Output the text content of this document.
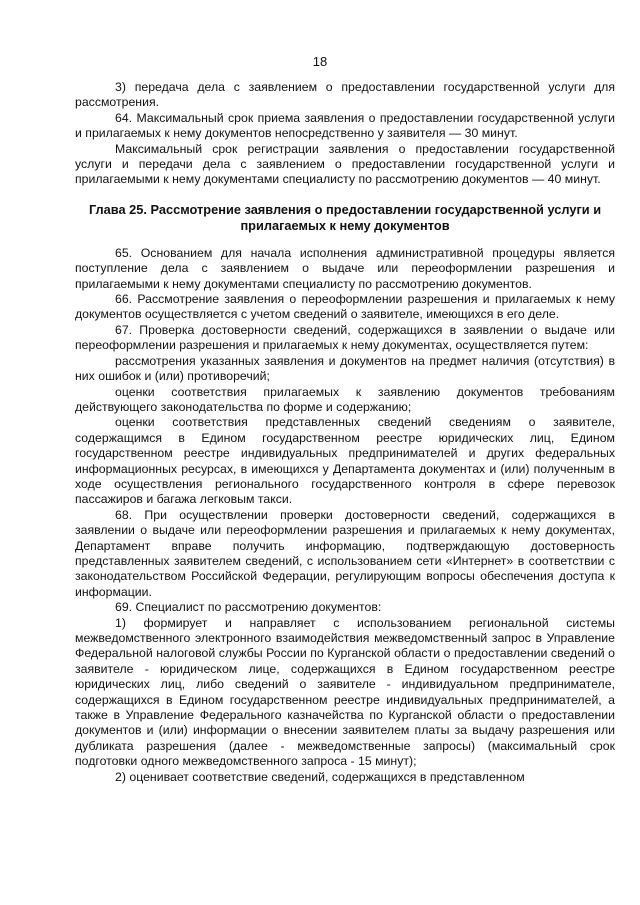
18

3) передача дела с заявлением о предоставлении государственной услуги для рассмотрения.

64. Максимальный срок приема заявления о предоставлении государственной услуги и прилагаемых к нему документов непосредственно у заявителя — 30 минут.

Максимальный срок регистрации заявления о предоставлении государственной услуги и передачи дела с заявлением о предоставлении государственной услуги и прилагаемыми к нему документами специалисту по рассмотрению документов — 40 минут.

Глава 25. Рассмотрение заявления о предоставлении государственной услуги и прилагаемых к нему документов

65. Основанием для начала исполнения административной процедуры является поступление дела с заявлением о выдаче или переоформлении разрешения и прилагаемыми к нему документами специалисту по рассмотрению документов.

66. Рассмотрение заявления о переоформлении разрешения и прилагаемых к нему документов осуществляется с учетом сведений о заявителе, имеющихся в его деле.

67. Проверка достоверности сведений, содержащихся в заявлении о выдаче или переоформлении разрешения и прилагаемых к нему документах, осуществляется путем:

рассмотрения указанных заявления и документов на предмет наличия (отсутствия) в них ошибок и (или) противоречий;

оценки соответствия прилагаемых к заявлению документов требованиям действующего законодательства по форме и содержанию;

оценки соответствия представленных сведений сведениям о заявителе, содержащимся в Едином государственном реестре юридических лиц, Едином государственном реестре индивидуальных предпринимателей и других федеральных информационных ресурсах, в имеющихся у Департамента документах и (или) полученным в ходе осуществления регионального государственного контроля в сфере перевозок пассажиров и багажа легковым такси.

68. При осуществлении проверки достоверности сведений, содержащихся в заявлении о выдаче или переоформлении разрешения и прилагаемых к нему документах, Департамент вправе получить информацию, подтверждающую достоверность представленных заявителем сведений, с использованием сети «Интернет» в соответствии с законодательством Российской Федерации, регулирующим вопросы обеспечения доступа к информации.

69. Специалист по рассмотрению документов:

1) формирует и направляет с использованием региональной системы межведомственного электронного взаимодействия межведомственный запрос в Управление Федеральной налоговой службы России по Курганской области о предоставлении сведений о заявителе - юридическом лице, содержащихся в Едином государственном реестре юридических лиц, либо сведений о заявителе - индивидуальном предпринимателе, содержащихся в Едином государственном реестре индивидуальных предпринимателей, а также в Управление Федерального казначейства по Курганской области о предоставлении документов и (или) информации о внесении заявителем платы за выдачу разрешения или дубликата разрешения (далее - межведомственные запросы) (максимальный срок подготовки одного межведомственного запроса - 15 минут);

2) оценивает соответствие сведений, содержащихся в представленном
